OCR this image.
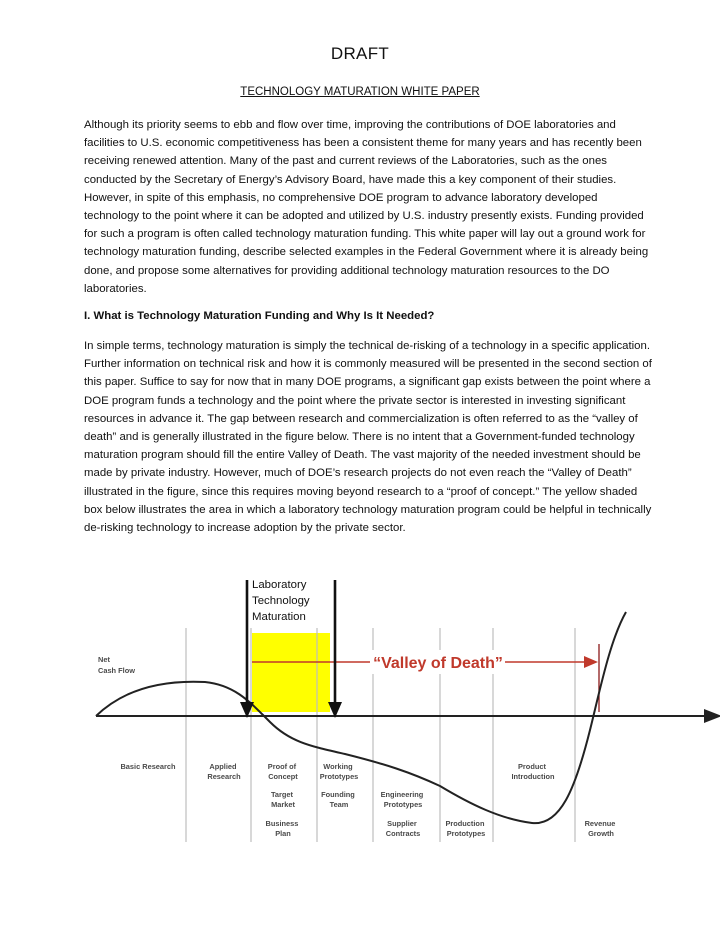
DRAFT
TECHNOLOGY MATURATION WHITE PAPER

Although its priority seems to ebb and flow over time, improving the contributions of DOE laboratories and facilities to U.S. economic competitiveness has been a consistent theme for many years and has recently been receiving renewed attention. Many of the past and current reviews of the Laboratories, such as the ones conducted by the Secretary of Energy’s Advisory Board, have made this a key component of their studies. However, in spite of this emphasis, no comprehensive DOE program to advance laboratory developed technology to the point where it can be adopted and utilized by U.S. industry presently exists. Funding provided for such a program is often called technology maturation funding. This white paper will lay out a ground work for technology maturation funding, describe selected examples in the Federal Government where it is already being done, and propose some alternatives for providing additional technology maturation resources to the DO laboratories.

I. What is Technology Maturation Funding and Why Is It Needed?

In simple terms, technology maturation is simply the technical de-risking of a technology in a specific application. Further information on technical risk and how it is commonly measured will be presented in the second section of this paper. Suffice to say for now that in many DOE programs, a significant gap exists between the point where a DOE program funds a technology and the point where the private sector is interested in investing significant resources in advance it. The gap between research and commercialization is often referred to as the “valley of death” and is generally illustrated in the figure below. There is no intent that a Government-funded technology maturation program should fill the entire Valley of Death. The vast majority of the needed investment should be made by private industry. However, much of DOE’s research projects do not even reach the “Valley of Death” illustrated in the figure, since this requires moving beyond research to a “proof of concept.” The yellow shaded box below illustrates the area in which a laboratory technology maturation program could be helpful in technically de-risking technology to increase adoption by the private sector.

Laboratory
Technology
Maturation
“Valley of Death”
Net Cash Flow
Basic Research	Applied Research
Proof of Concept
Target Market
Business Plan
Working Prototypes
Founding Team
Engineering Prototypes
Supplier Contracts
Production Prototypes
Product Introduction
Revenue Growth
